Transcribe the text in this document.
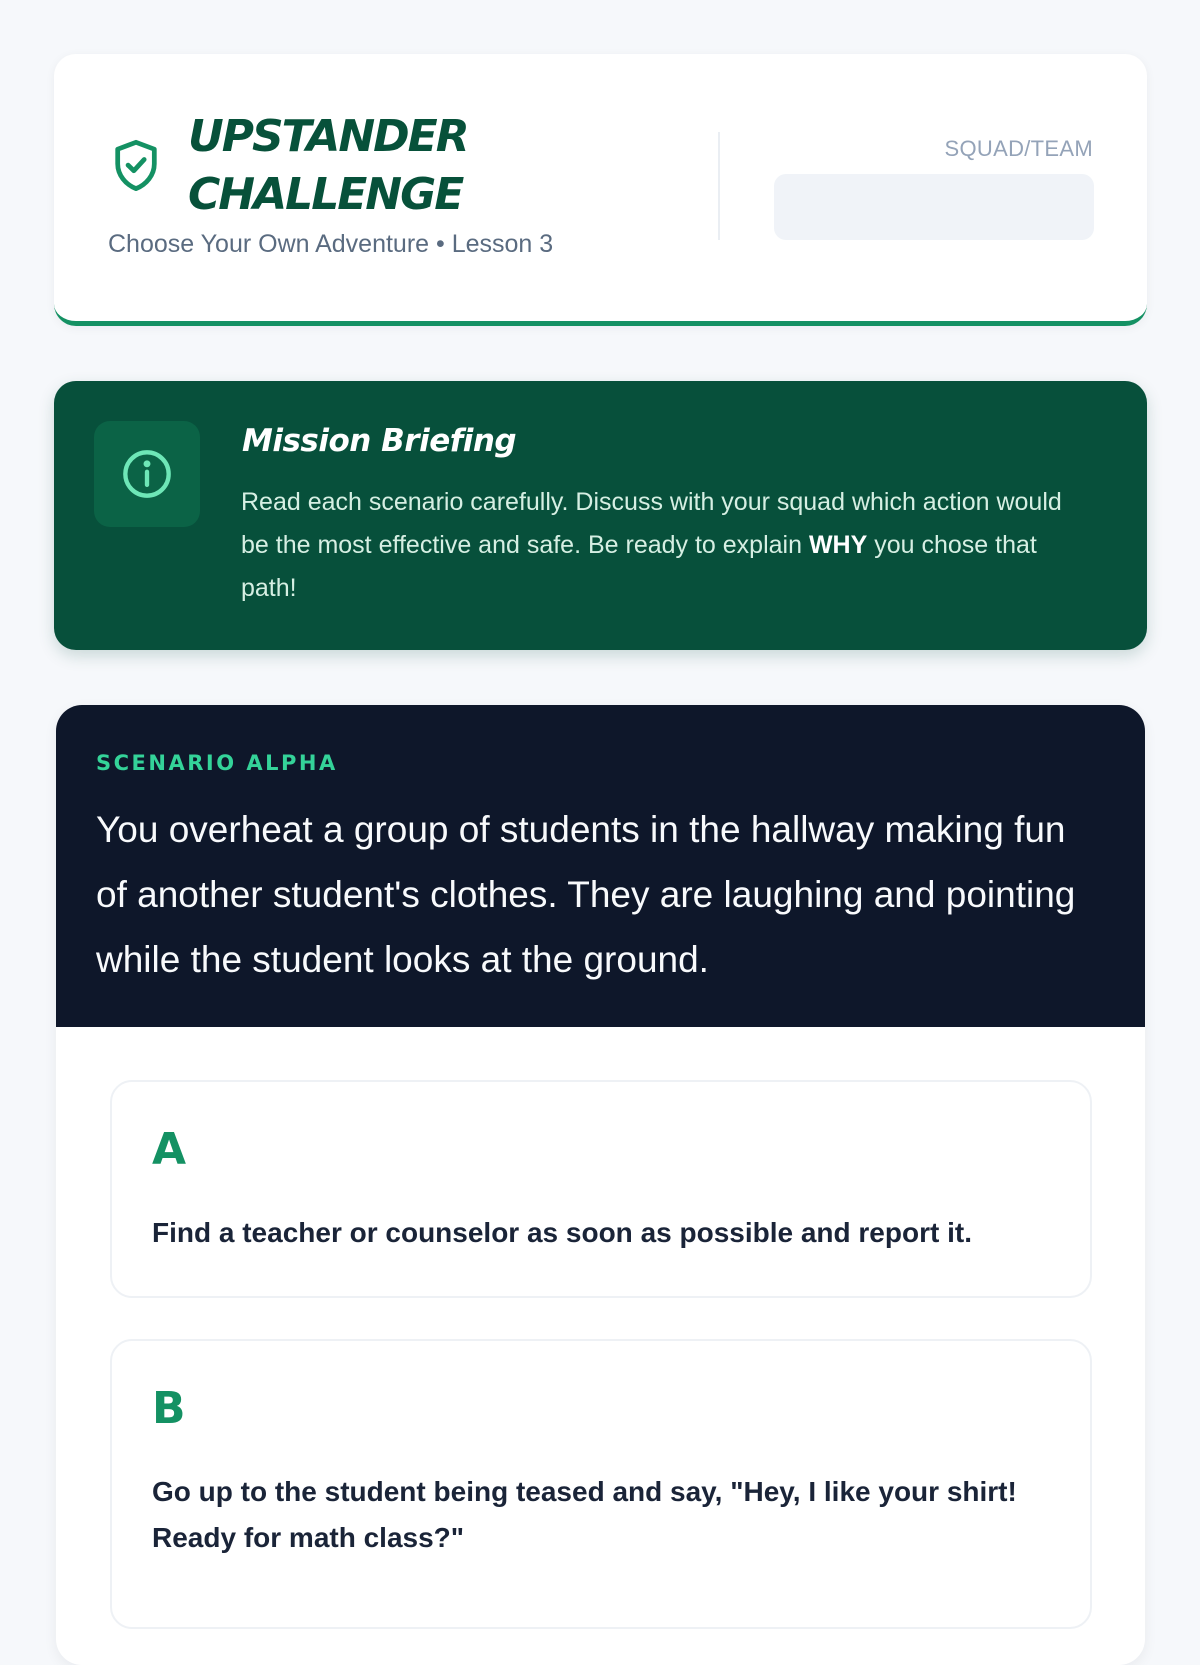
UPSTANDER CHALLENGE
Choose Your Own Adventure • Lesson 3
SQUAD/TEAM
Mission Briefing
Read each scenario carefully. Discuss with your squad which action would be the most effective and safe. Be ready to explain WHY you chose that path!
SCENARIO ALPHA
You overheat a group of students in the hallway making fun of another student's clothes. They are laughing and pointing while the student looks at the ground.
A
Find a teacher or counselor as soon as possible and report it.
B
Go up to the student being teased and say, "Hey, I like your shirt! Ready for math class?"
